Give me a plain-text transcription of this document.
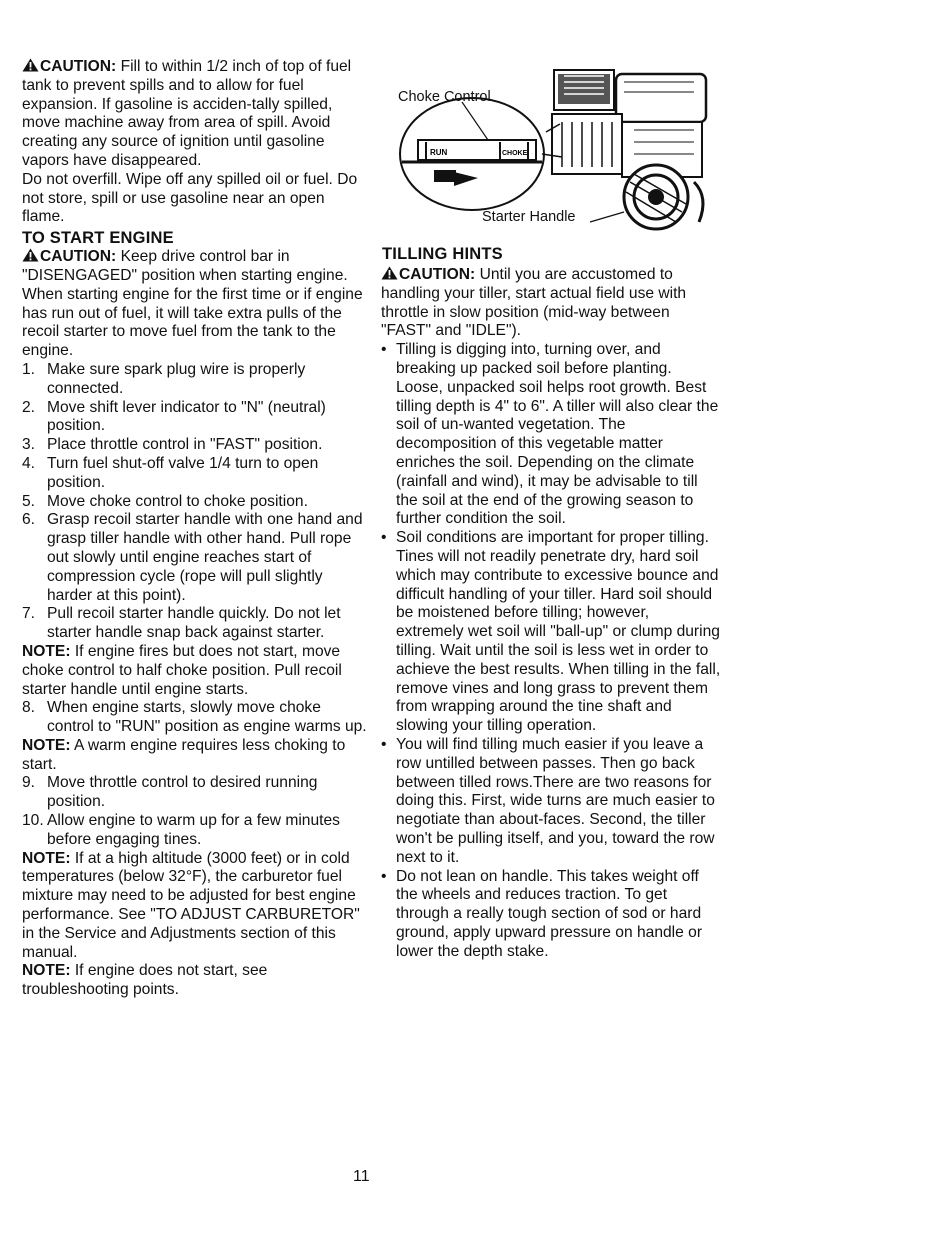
CAUTION: Fill to within 1/2 inch of top of fuel tank to prevent spills and to allow for fuel expansion. If gasoline is acciden-tally spilled, move machine away from area of spill. Avoid creating any source of ignition until gasoline vapors have disappeared.

Do not overfill. Wipe off any spilled oil or fuel. Do not store, spill or use gasoline near an open flame.

TO START ENGINE

CAUTION: Keep drive control bar in "DISENGAGED" position when starting engine.

When starting engine for the first time or if engine has run out of fuel, it will take extra pulls of the recoil starter to move fuel from the tank to the engine.

1. Make sure spark plug wire is properly connected.
2. Move shift lever indicator to "N" (neutral) position.
3. Place throttle control in "FAST" position.
4. Turn fuel shut-off valve 1/4 turn to open position.
5. Move choke control to choke position.
6. Grasp recoil starter handle with one hand and grasp tiller handle with other hand. Pull rope out slowly until engine reaches start of compression cycle (rope will pull slightly harder at this point).
7. Pull recoil starter handle quickly. Do not let starter handle snap back against starter.

NOTE: If engine fires but does not start, move choke control to half choke position. Pull recoil starter handle until engine starts.

8. When engine starts, slowly move choke control to "RUN" position as engine warms up.

NOTE: A warm engine requires less choking to start.

9. Move throttle control to desired running position.
10. Allow engine to warm up for a few minutes before engaging tines.

NOTE: If at a high altitude (3000 feet) or in cold temperatures (below 32°F), the carburetor fuel mixture may need to be adjusted for best engine performance. See "TO ADJUST CARBURETOR" in the Service and Adjustments section of this manual.

NOTE: If engine does not start, see troubleshooting points.

RUN	CHOKE
Choke Control
Starter Handle

TILLING HINTS

CAUTION: Until you are accustomed to handling your tiller, start actual field use with throttle in slow position (mid-way between "FAST" and "IDLE").

• Tilling is digging into, turning over, and breaking up packed soil before planting. Loose, unpacked soil helps root growth. Best tilling depth is 4" to 6". A tiller will also clear the soil of un-wanted vegetation. The decomposition of this vegetable matter enriches the soil. Depending on the climate (rainfall and wind), it may be advisable to till the soil at the end of the growing season to further condition the soil.
• Soil conditions are important for proper tilling. Tines will not readily penetrate dry, hard soil which may contribute to excessive bounce and difficult handling of your tiller. Hard soil should be moistened before tilling; however, extremely wet soil will "ball-up" or clump during tilling. Wait until the soil is less wet in order to achieve the best results. When tilling in the fall, remove vines and long grass to prevent them from wrapping around the tine shaft and slowing your tilling operation.
• You will find tilling much easier if you leave a row untilled between passes. Then go back between tilled rows.There are two reasons for doing this. First, wide turns are much easier to negotiate than about-faces. Second, the tiller won't be pulling itself, and you, toward the row next to it.
• Do not lean on handle. This takes weight off the wheels and reduces traction. To get through a really tough section of sod or hard ground, apply upward pressure on handle or lower the depth stake.
11
